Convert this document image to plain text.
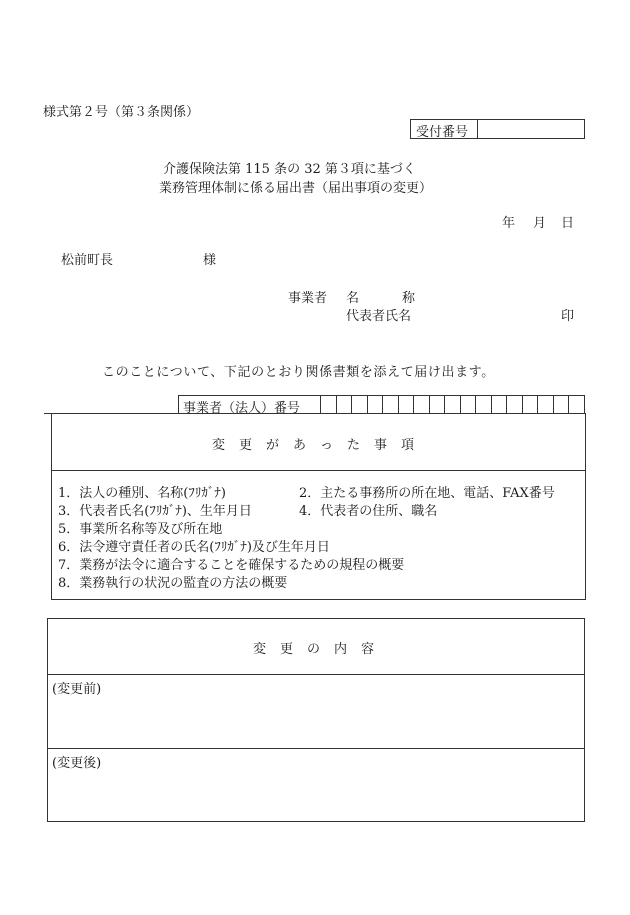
様式第２号（第３条関係）
受付番号
介護保険法第 115 条の 32 第３項に基づく
業務管理体制に係る届出書（届出事項の変更）
年 月 日
松前町長	様
事業者 名	称
代表者氏名	印
このことについて、下記のとおり関係書類を添えて届け出ます。
事業者（法人）番号
変　更　が　あ　っ　た　事　項
1．法人の種別、名称(ﾌﾘｶﾞﾅ)	2．主たる事務所の所在地、電話、FAX番号
3．代表者氏名(ﾌﾘｶﾞﾅ)、生年月日	4．代表者の住所、職名
5．事業所名称等及び所在地
6．法令遵守責任者の氏名(ﾌﾘｶﾞﾅ)及び生年月日
7．業務が法令に適合することを確保するための規程の概要
8．業務執行の状況の監査の方法の概要
変　更　の　内　容
(変更前)
(変更後)
